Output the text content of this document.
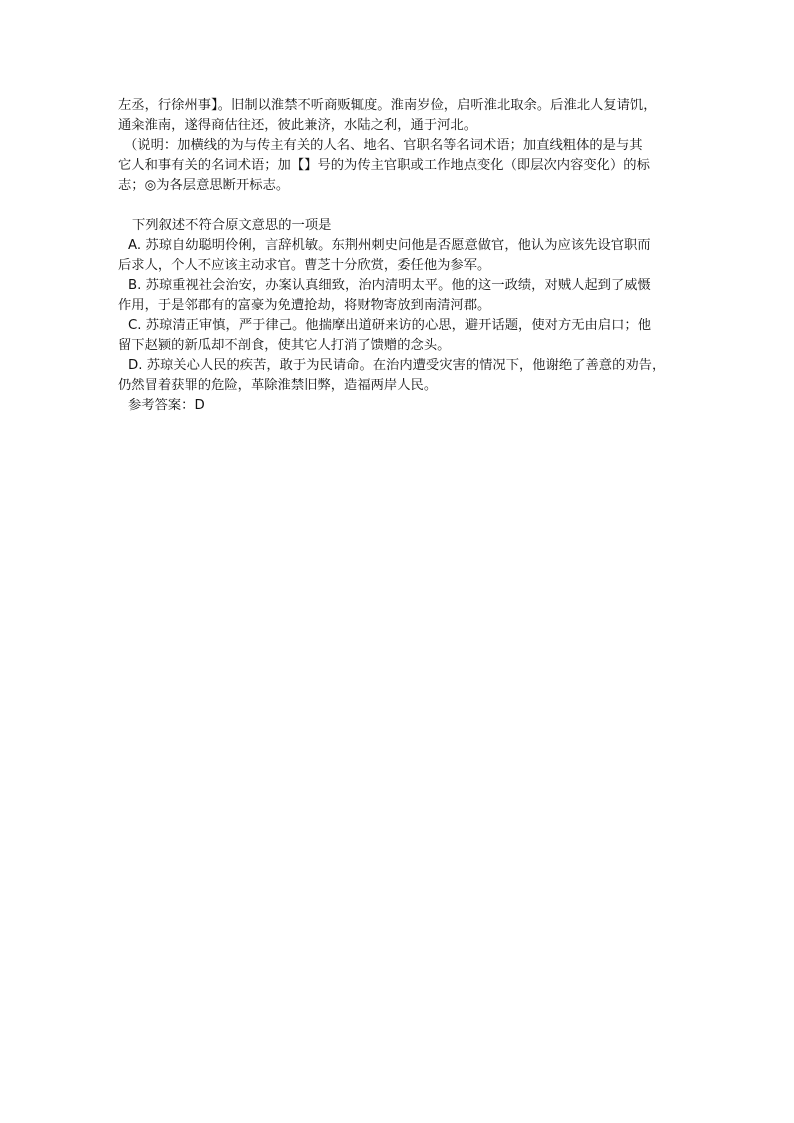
左丞，行徐州事】。旧制以淮禁不听商贩辄度。淮南岁俭，启听淮北取余。后淮北人复请饥，
通籴淮南，遂得商估往还，彼此兼济，水陆之利，通于河北。
（说明：加横线的为与传主有关的人名、地名、官职名等名词术语；加直线粗体的是与其
它人和事有关的名词术语；加【】号的为传主官职或工作地点变化（即层次内容变化）的标
志；◎为各层意思断开标志。
下列叙述不符合原文意思的一项是
A. 苏琼自幼聪明伶俐，言辞机敏。东荆州刺史问他是否愿意做官，他认为应该先设官职而
后求人，个人不应该主动求官。曹芝十分欣赏，委任他为参军。
B. 苏琼重视社会治安，办案认真细致，治内清明太平。他的这一政绩，对贼人起到了威慑
作用，于是邻郡有的富豪为免遭抢劫，将财物寄放到南清河郡。
C. 苏琼清正审慎，严于律己。他揣摩出道研来访的心思，避开话题，使对方无由启口；他
留下赵颍的新瓜却不剖食，使其它人打消了馈赠的念头。
D. 苏琼关心人民的疾苦，敢于为民请命。在治内遭受灾害的情况下，他谢绝了善意的劝告，
仍然冒着获罪的危险，革除淮禁旧弊，造福两岸人民。
参考答案：D
